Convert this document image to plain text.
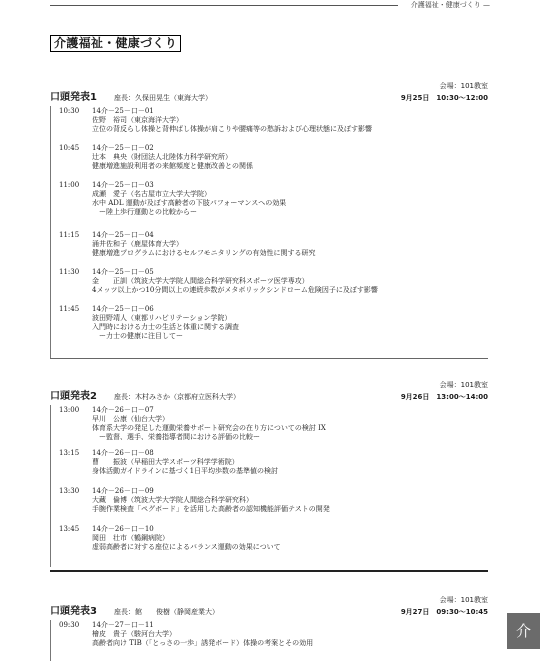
介護福祉・健康づくり —
介護福祉・健康づくり
会場：101教室
口頭発表1 座長：久保田晃生（東海大学）	9月25日　10:30〜12:00
10:30 14介－25－口－01
佐野　裕司（東京海洋大学）
立位の背反らし体操と背伸ばし体操が肩こりや腰痛等の愁訴および心理状態に及ぼす影響
10:45 14介－25－口－02
辻本　典央（財団法人北陸体力科学研究所）
健康増進施設利用者の来館頻度と健康改善との関係
11:00 14介－25－口－03
成瀬　愛子（名古屋市立大学大学院）
水中 ADL 運動が及ぼす高齢者の下肢パフォーマンスへの効果
ー陸上歩行運動との比較からー
11:15 14介－25－口－04
涌井佐和子（鹿屋体育大学）
健康増進プログラムにおけるセルフモニタリングの有効性に関する研究
11:30 14介－25－口－05
金　　正訓（筑波大学大学院人間総合科学研究科スポーツ医学専攻）
4メッツ以上かつ10分間以上の連続歩数がメタボリックシンドローム危険因子に及ぼす影響
11:45 14介－25－口－06
波田野靖人（東都リハビリテーション学院）
入門時における力士の生活と体重に関する調査
ー力士の健康に注目してー
会場：101教室
口頭発表2 座長：木村みさか（京都府立医科大学）	9月26日　13:00〜14:00
13:00 14介－26－口－07
早川　公康（仙台大学）
体育系大学の発足した運動栄養サポート研究会の在り方についての検討 IX
ー監督、選手、栄養指導者間における評価の比較ー
13:15 14介－26－口－08
曹　　振波（早稲田大学スポーツ科学学術院）
身体活動ガイドラインに基づく1日平均歩数の基準値の検討
13:30 14介－26－口－09
大藏　倫博（筑波大学大学院人間総合科学研究科）
手腕作業検査「ペグボード」を活用した高齢者の認知機能評価テストの開発
13:45 14介－26－口－10
岡田　壮市（鶴鋼病院）
虚弱高齢者に対する座位によるバランス運動の効果について
会場：101教室
口頭発表3 座長：館　　俊樹（静岡産業大）	9月27日　09:30〜10:45
09:30 14介－27－口－11
檜皮　貴子（駿河台大学）
高齢者向け TIB（「とっさの一歩」誘発ボード）体操の考案とその効用
介
